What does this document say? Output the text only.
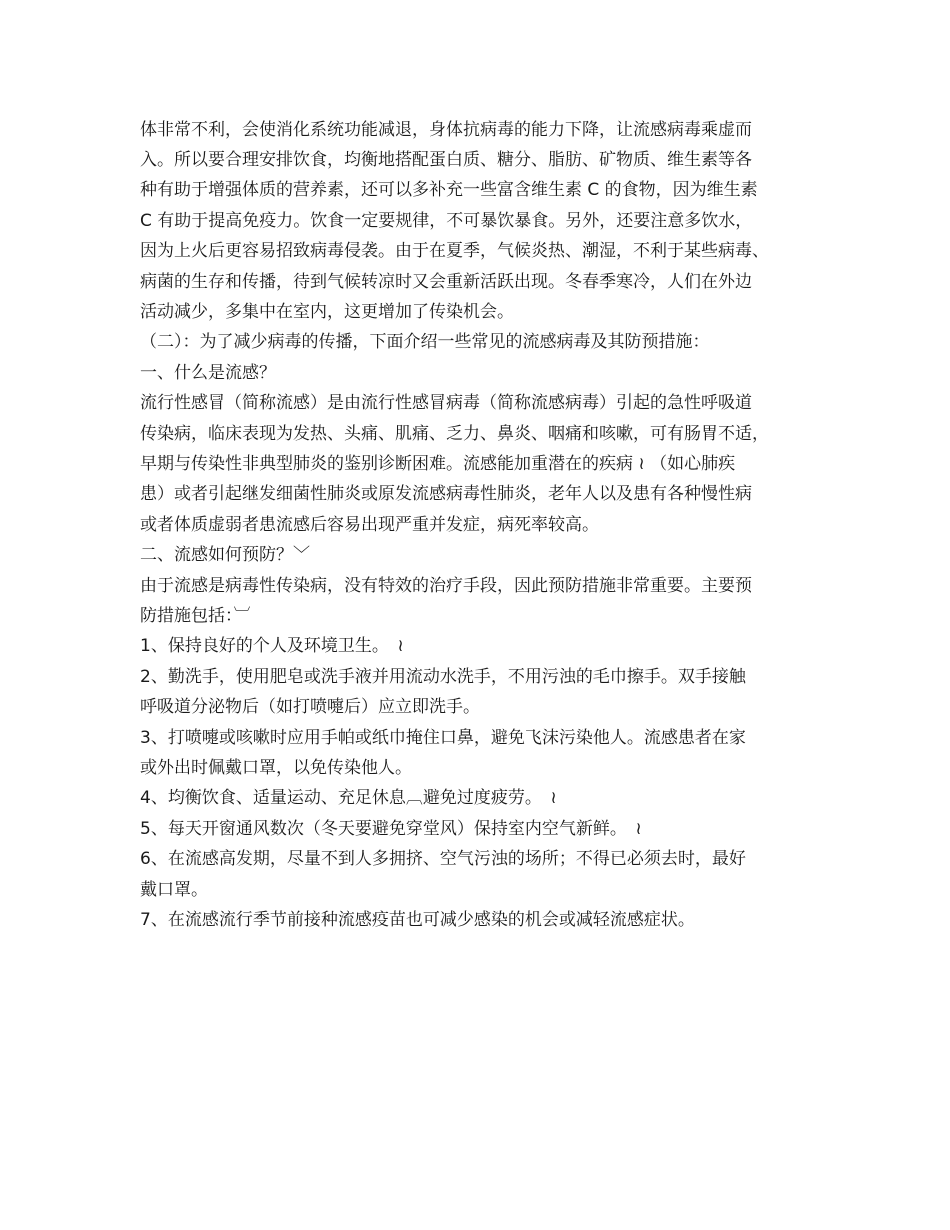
体非常不利，会使消化系统功能减退，身体抗病毒的能力下降，让流感病毒乘虚而
入。所以要合理安排饮食，均衡地搭配蛋白质、糖分、脂肪、矿物质、维生素等各
种有助于增强体质的营养素，还可以多补充一些富含维生素 C 的食物，因为维生素
C 有助于提高免疫力。饮食一定要规律，不可暴饮暴食。另外，还要注意多饮水，
因为上火后更容易招致病毒侵袭。由于在夏季，气候炎热、潮湿，不利于某些病毒、
病菌的生存和传播，待到气候转凉时又会重新活跃出现。冬春季寒冷，人们在外边
活动减少，多集中在室内，这更增加了传染机会。
（二）：为了减少病毒的传播，下面介绍一些常见的流感病毒及其防预措施：
一、什么是流感？
流行性感冒（简称流感）是由流行性感冒病毒（简称流感病毒）引起的急性呼吸道
传染病，临床表现为发热、头痛、肌痛、乏力、鼻炎、咽痛和咳嗽，可有肠胃不适，
早期与传染性非典型肺炎的鉴别诊断困难。流感能加重潜在的疾病 ≀ （如心肺疾
患）或者引起继发细菌性肺炎或原发流感病毒性肺炎，老年人以及患有各种慢性病
或者体质虚弱者患流感后容易出现严重并发症，病死率较高。
二、流感如何预防？﹀
由于流感是病毒性传染病，没有特效的治疗手段，因此预防措施非常重要。主要预
防措施包括：︺
1、保持良好的个人及环境卫生。　≀
2、勤洗手，使用肥皂或洗手液并用流动水洗手，不用污浊的毛巾擦手。双手接触
呼吸道分泌物后（如打喷嚏后）应立即洗手。
3、打喷嚏或咳嗽时应用手帕或纸巾掩住口鼻，避免飞沫污染他人。流感患者在家
或外出时佩戴口罩，以免传染他人。
4、均衡饮食、适量运动、充足休息︹避免过度疲劳。　≀
5、每天开窗通风数次（冬天要避免穿堂风）保持室内空气新鲜。　≀
6、在流感高发期，尽量不到人多拥挤、空气污浊的场所；不得已必须去时，最好
戴口罩。
7、在流感流行季节前接种流感疫苗也可减少感染的机会或减轻流感症状。
